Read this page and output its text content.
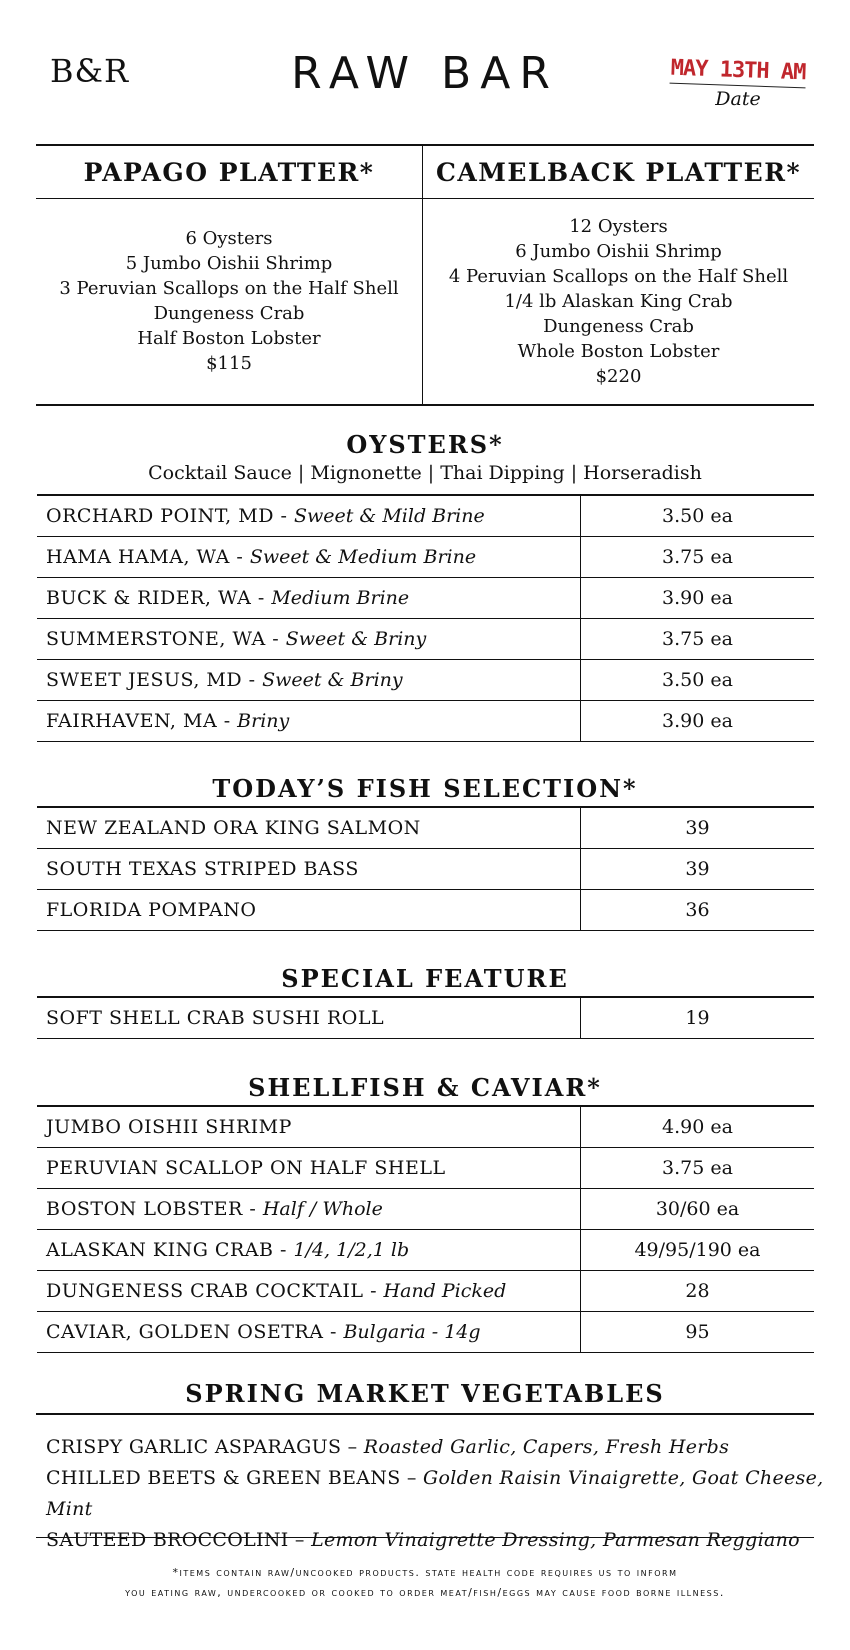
B&R	RAW BAR	MAY 13TH AM
Date
PAPAGO PLATTER*
6 Oysters
5 Jumbo Oishii Shrimp
3 Peruvian Scallops on the Half Shell
Dungeness Crab
Half Boston Lobster
$115
CAMELBACK PLATTER*
12 Oysters
6 Jumbo Oishii Shrimp
4 Peruvian Scallops on the Half Shell
1/4 lb Alaskan King Crab
Dungeness Crab
Whole Boston Lobster
$220
OYSTERS*
Cocktail Sauce | Mignonette | Thai Dipping | Horseradish
ORCHARD POINT, MD - Sweet & Mild Brine	3.50 ea
HAMA HAMA, WA - Sweet & Medium Brine	3.75 ea
BUCK & RIDER, WA - Medium Brine	3.90 ea
SUMMERSTONE, WA - Sweet & Briny	3.75 ea
SWEET JESUS, MD - Sweet & Briny	3.50 ea
FAIRHAVEN, MA - Briny	3.90 ea
TODAY’S FISH SELECTION*
NEW ZEALAND ORA KING SALMON	39
SOUTH TEXAS STRIPED BASS	39
FLORIDA POMPANO	36
SPECIAL FEATURE
SOFT SHELL CRAB SUSHI ROLL	19
SHELLFISH & CAVIAR*
JUMBO OISHII SHRIMP	4.90 ea
PERUVIAN SCALLOP ON HALF SHELL	3.75 ea
BOSTON LOBSTER - Half / Whole	30/60 ea
ALASKAN KING CRAB - 1/4, 1/2,1 lb	49/95/190 ea
DUNGENESS CRAB COCKTAIL - Hand Picked	28
CAVIAR, GOLDEN OSETRA - Bulgaria - 14g	95
SPRING MARKET VEGETABLES
CRISPY GARLIC ASPARAGUS – Roasted Garlic, Capers, Fresh Herbs
CHILLED BEETS & GREEN BEANS – Golden Raisin Vinaigrette, Goat Cheese, Mint
SAUTEED BROCCOLINI – Lemon Vinaigrette Dressing, Parmesan Reggiano
*items contain raw/uncooked products. state health code requires us to inform
you eating raw, undercooked or cooked to order meat/fish/eggs may cause food borne illness.
